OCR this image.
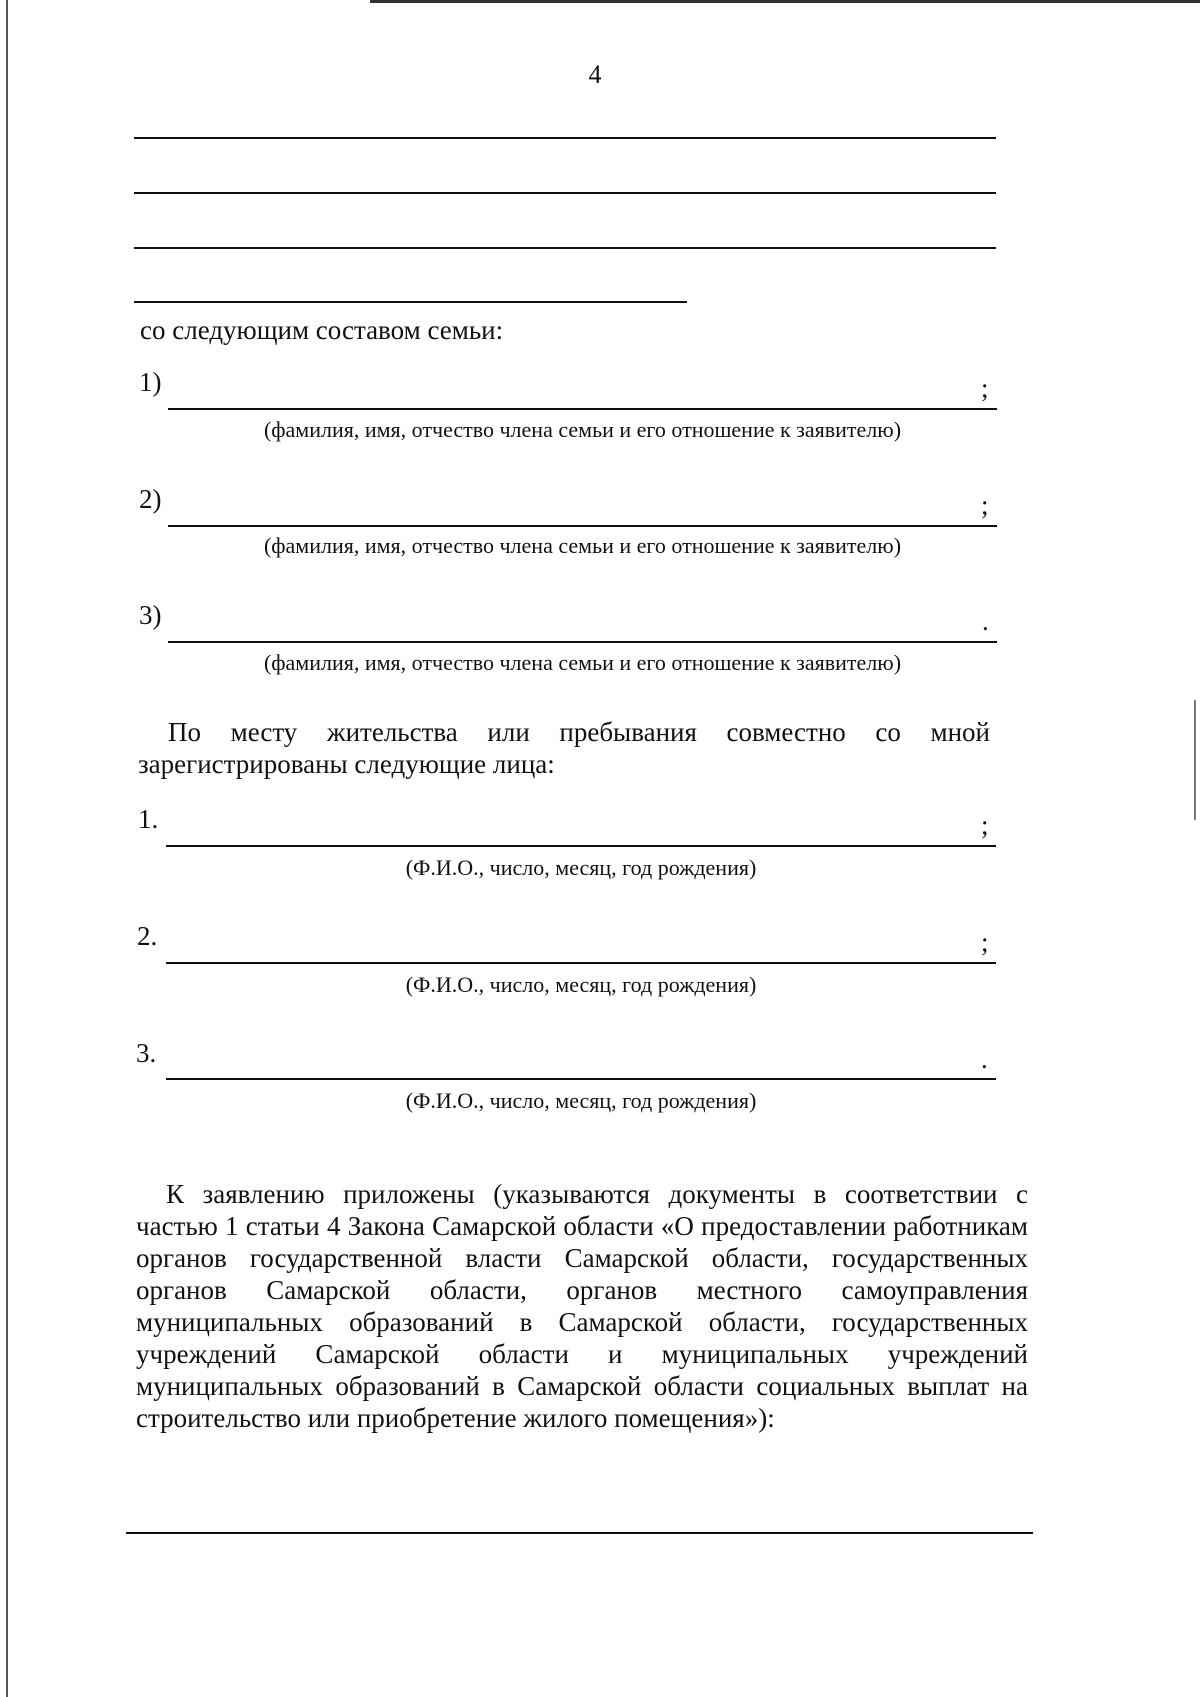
4
со следующим составом семьи:
1)	;
(фамилия, имя, отчество члена семьи и его отношение к заявителю)
2)	;
(фамилия, имя, отчество члена семьи и его отношение к заявителю)
3)	.
(фамилия, имя, отчество члена семьи и его отношение к заявителю)
По месту жительства или пребывания совместно со мной зарегистрированы следующие лица:
1.	;
(Ф.И.О., число, месяц, год рождения)
2.	;
(Ф.И.О., число, месяц, год рождения)
3.	.
(Ф.И.О., число, месяц, год рождения)
К заявлению приложены (указываются документы в соответствии с частью 1 статьи 4 Закона Самарской области «О предоставлении работникам органов государственной власти Самарской области, государственных органов Самарской области, органов местного самоуправления муниципальных образований в Самарской области, государственных учреждений Самарской области и муниципальных учреждений муниципальных образований в Самарской области социальных выплат на строительство или приобретение жилого помещения»):
